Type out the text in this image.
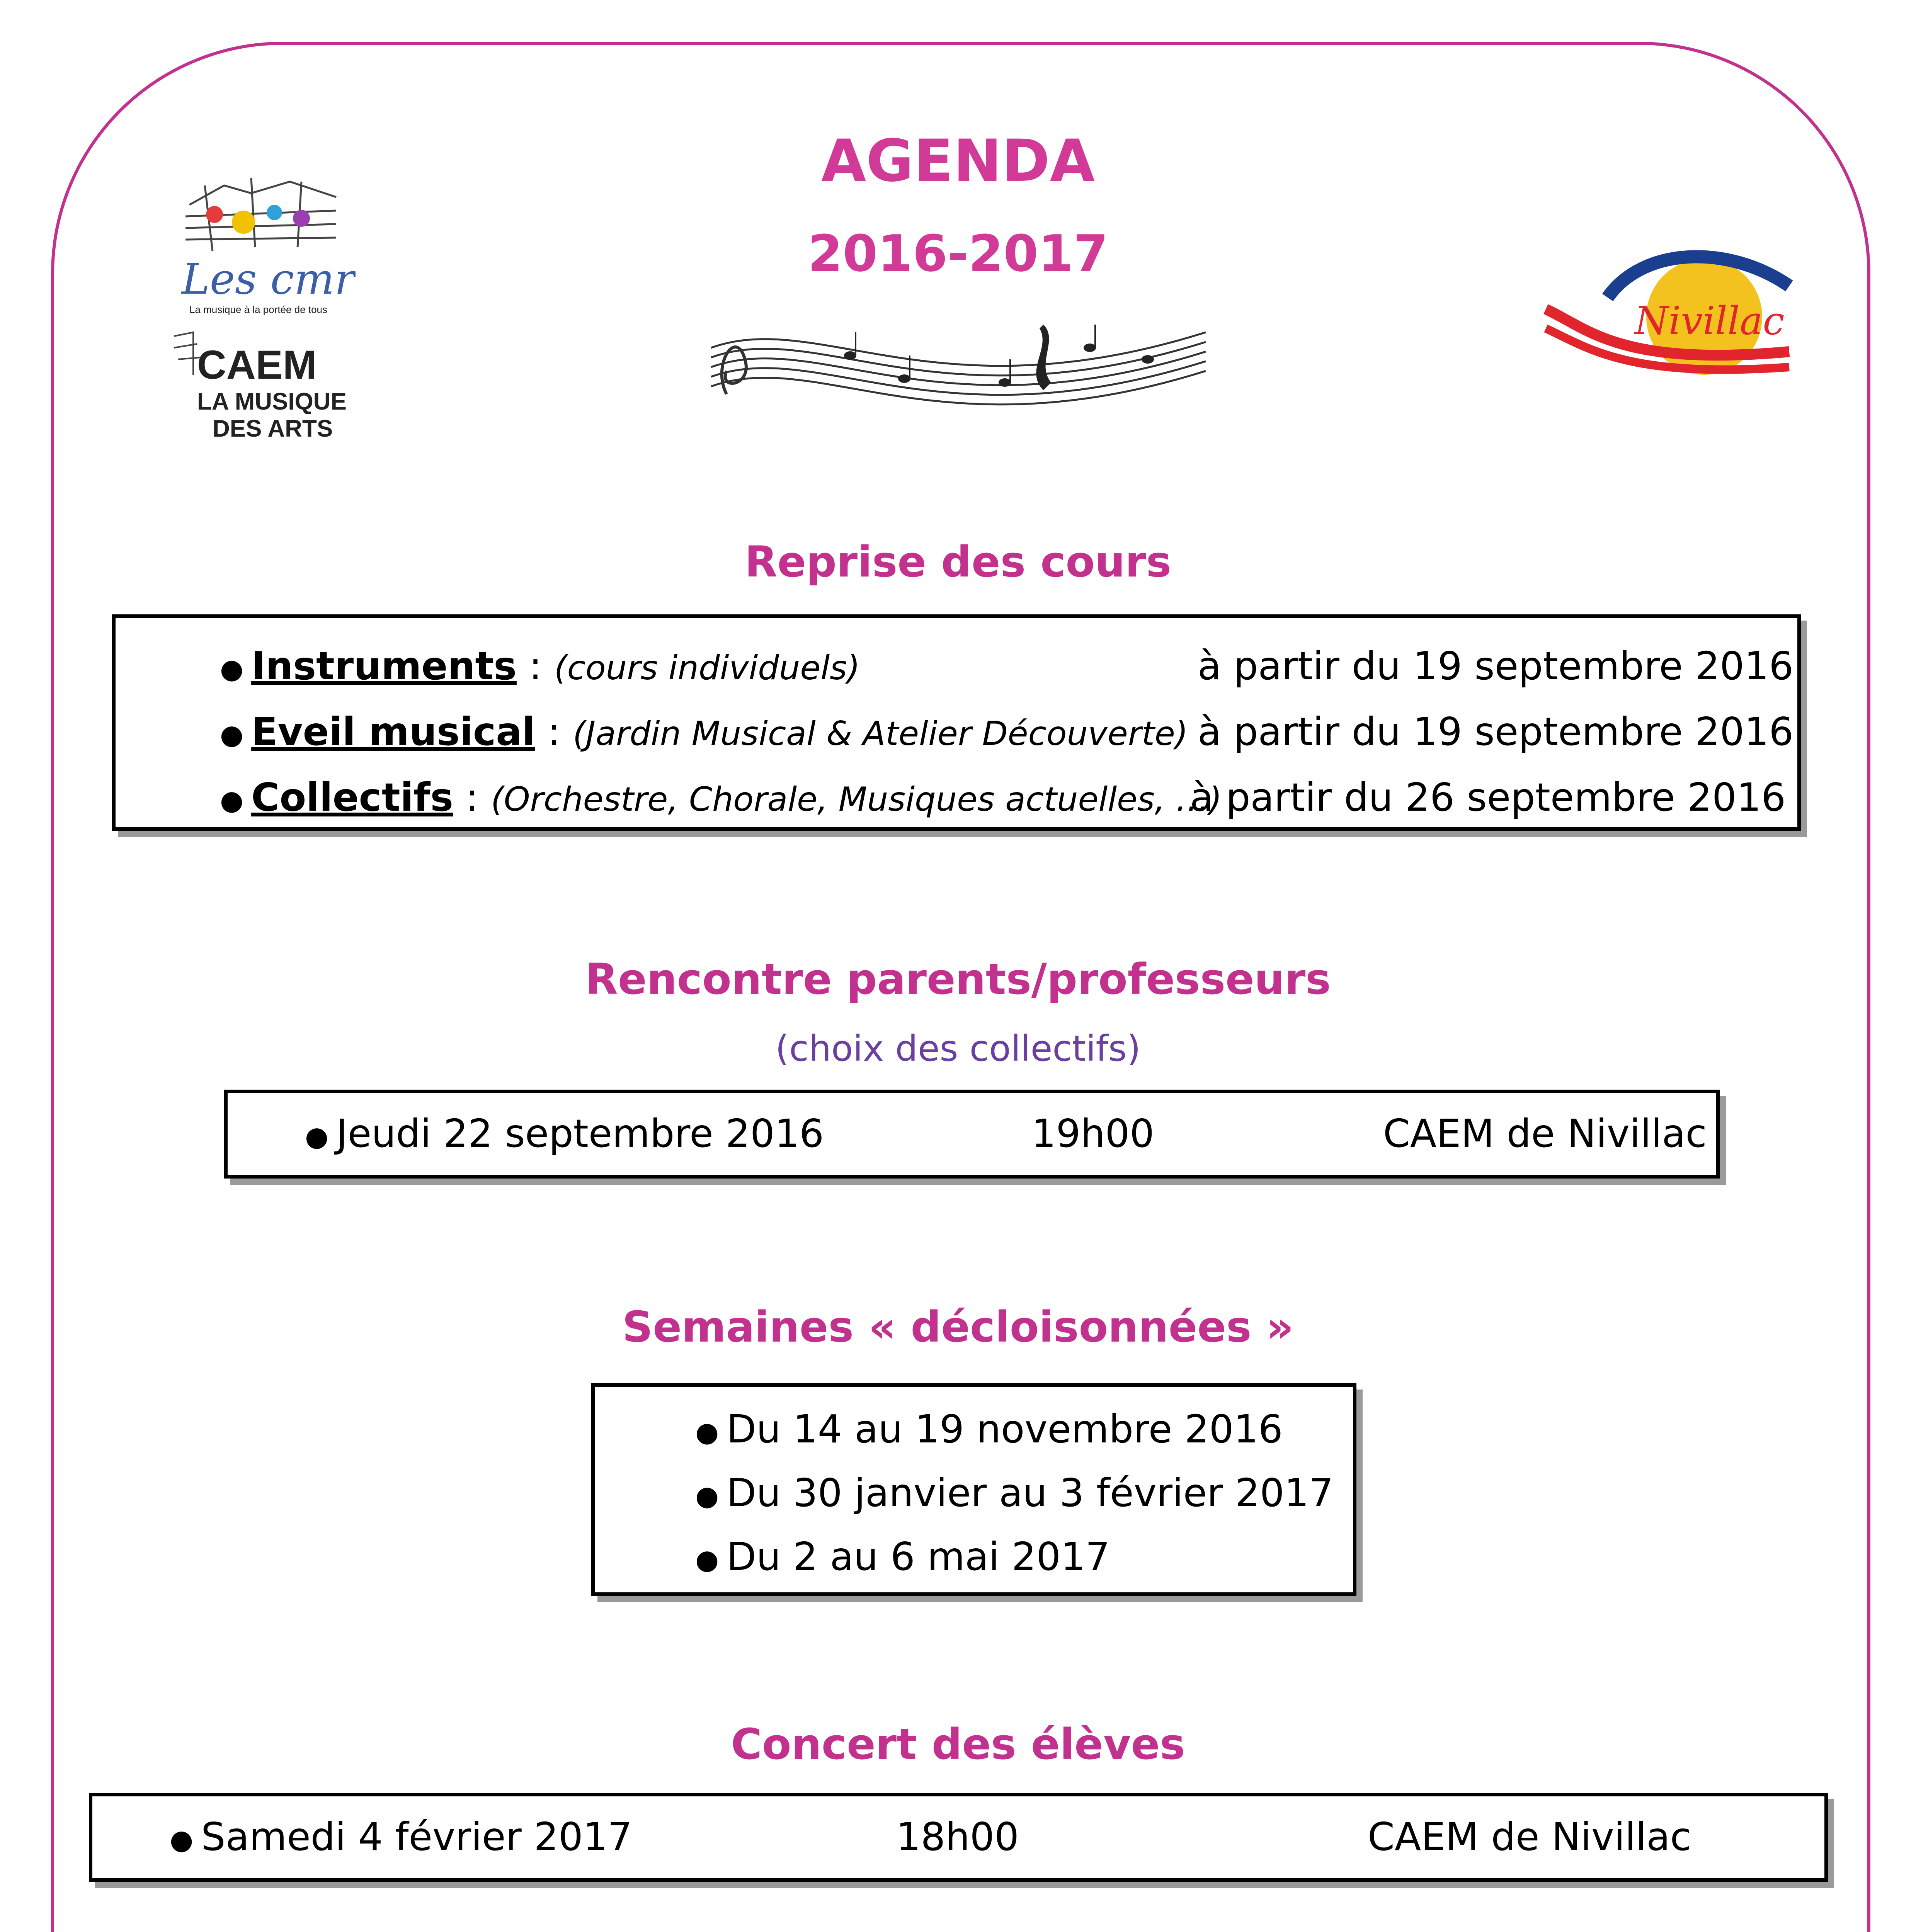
Les cmr
La musique à la portée de tous
CAEM
LA MUSIQUE
DES ARTS
Nivillac
AGENDA
2016-2017
Reprise des cours
● Instruments : (cours individuels)	à partir du 19 septembre 2016
● Eveil musical : (Jardin Musical & Atelier Découverte) à partir du 19 septembre 2016
● Collectifs : (Orchestre, Chorale, Musiques actuelles, …)
à partir du 26 septembre 2016
Rencontre parents/professeurs

(choix des collectifs)

● Jeudi 22 septembre 2016	19h00	CAEM de Nivillac
Semaines « décloisonnées »
● Du 14 au 19 novembre 2016
● Du 30 janvier au 3 février 2017
● Du 2 au 6 mai 2017
Concert des élèves
● Samedi 4 février 2017	18h00	CAEM de Nivillac
